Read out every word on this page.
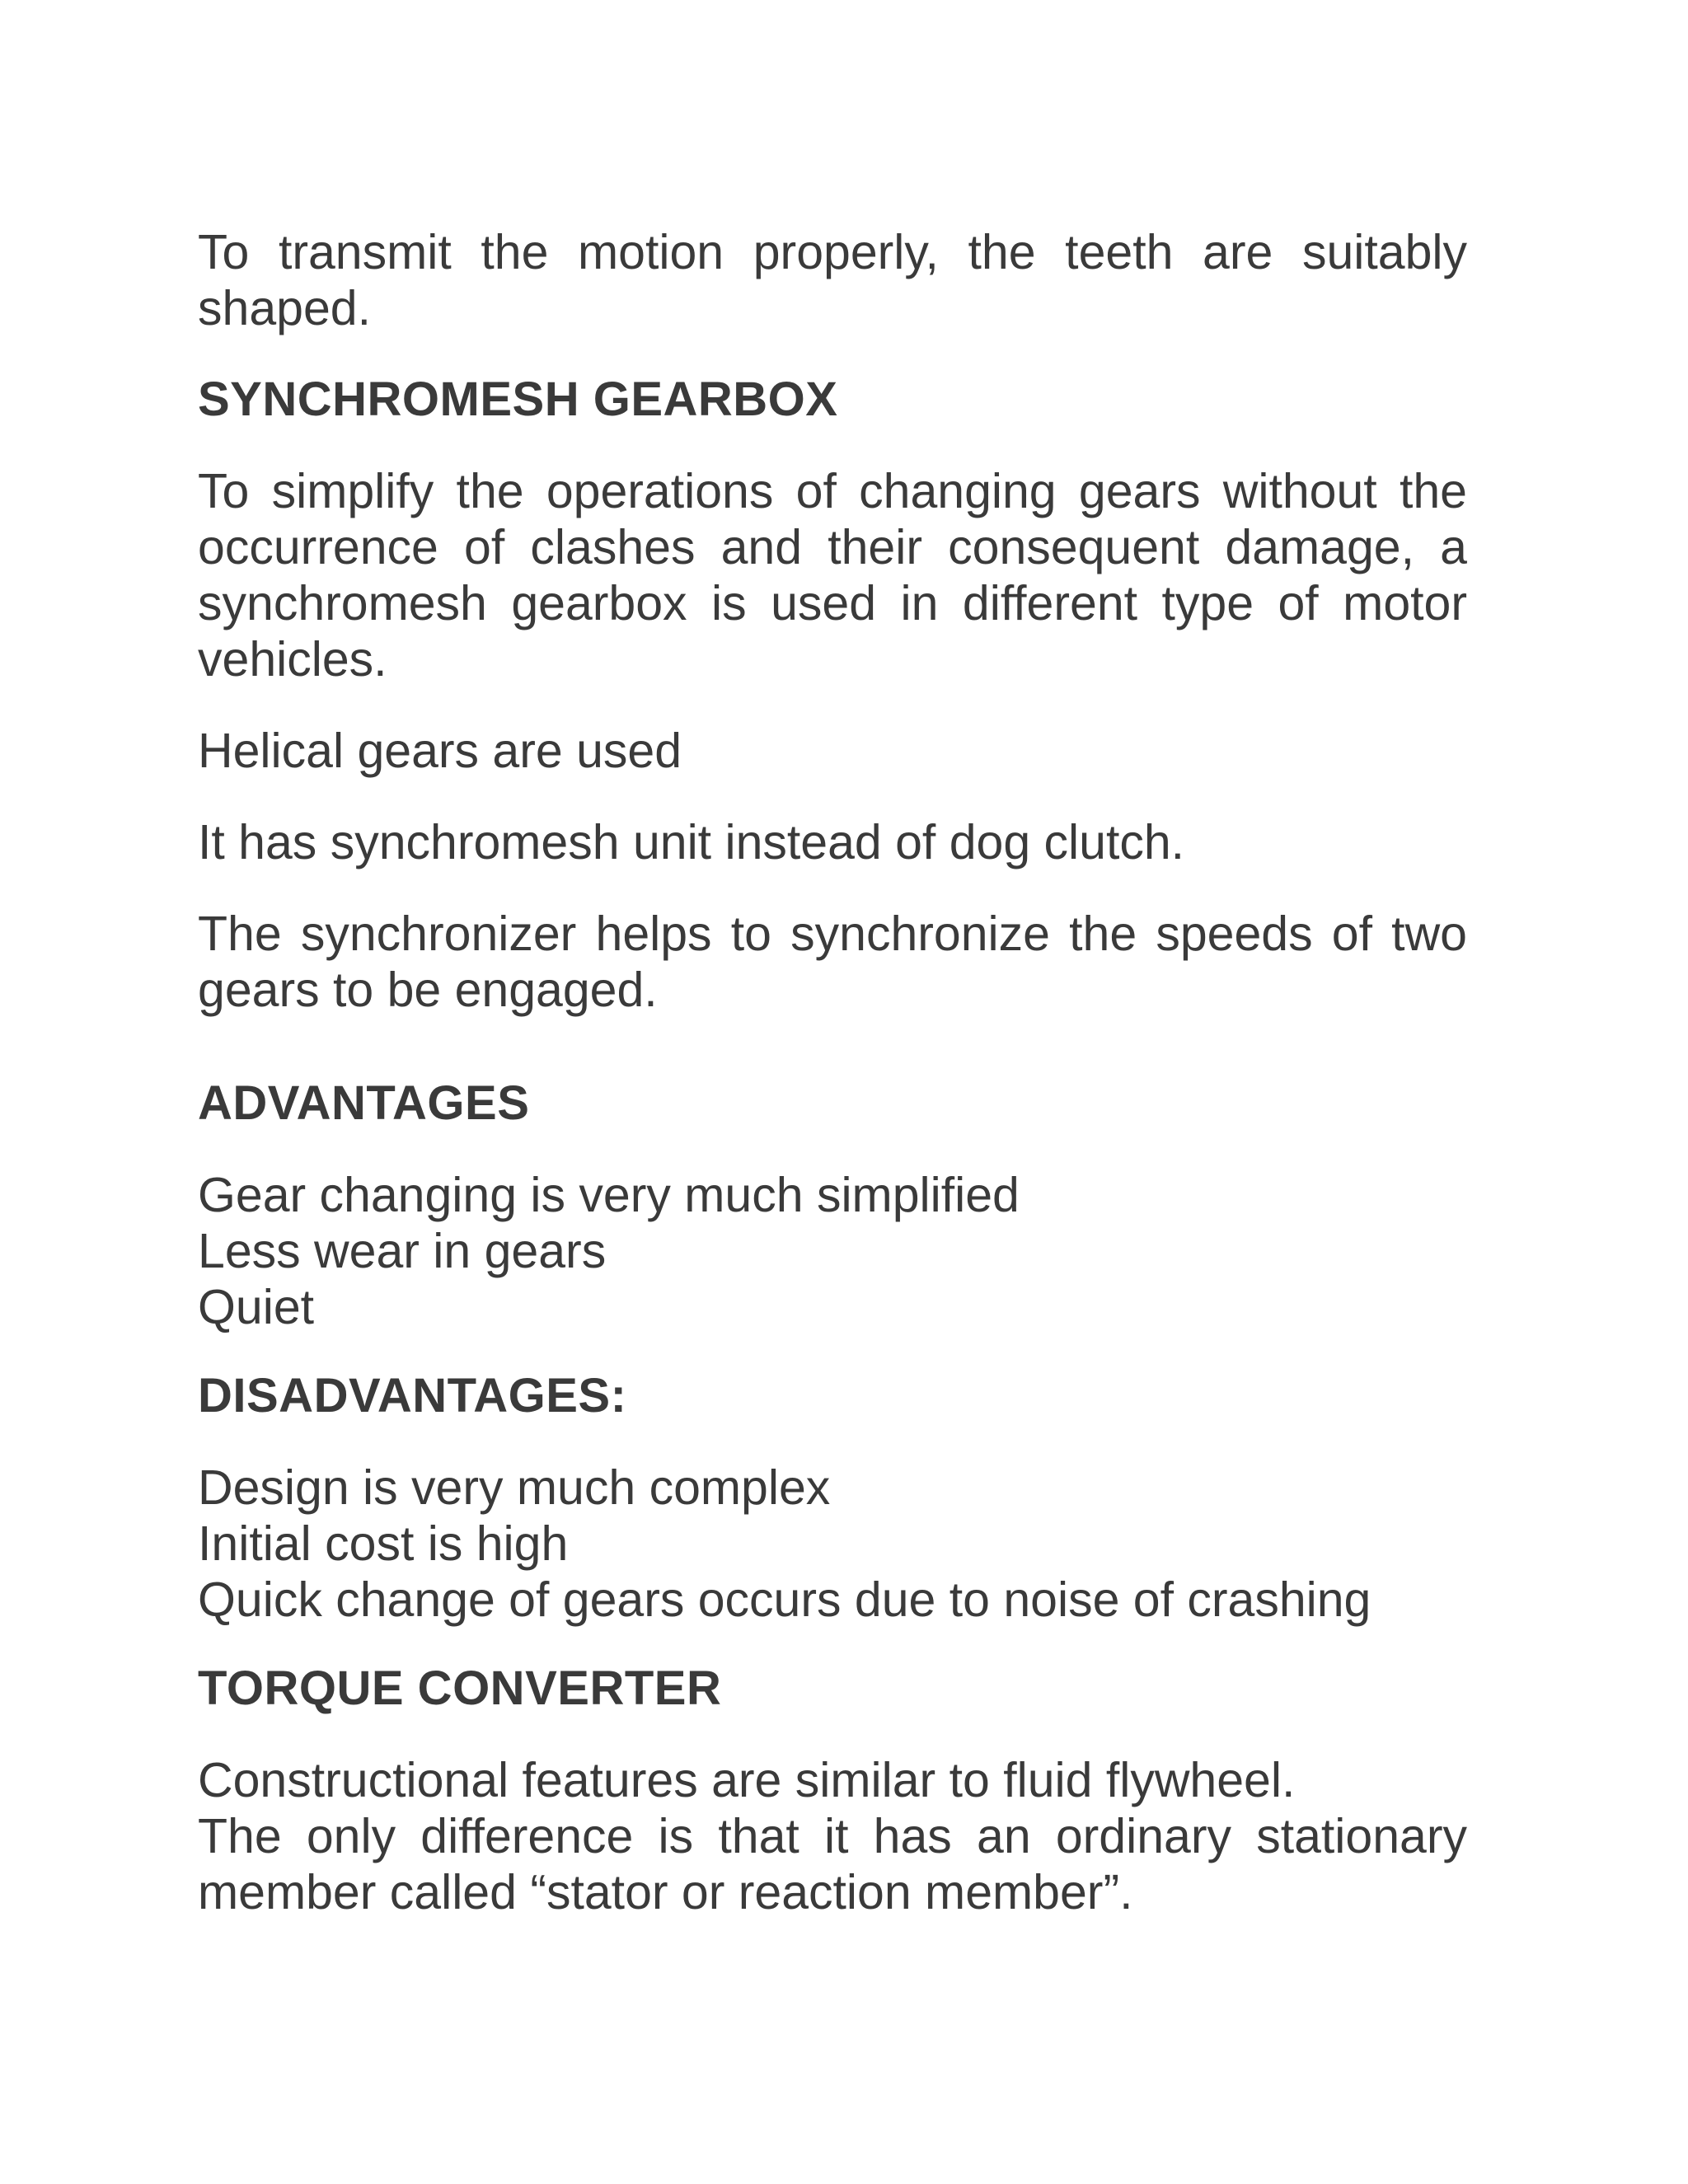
To transmit the motion properly, the teeth are suitably shaped.

SYNCHROMESH GEARBOX

To simplify the operations of changing gears without the occurrence of clashes and their consequent damage, a synchromesh gearbox is used in different type of motor vehicles.

Helical gears are used

It has synchromesh unit instead of dog clutch.

The synchronizer helps to synchronize the speeds of two gears to be engaged.

ADVANTAGES
Gear changing is very much simplified
Less wear in gears
Quiet
DISADVANTAGES:
Design is very much complex
Initial cost is high
Quick change of gears occurs due to noise of crashing
TORQUE CONVERTER

Constructional features are similar to fluid flywheel.

The only difference is that it has an ordinary stationary member called “stator or reaction member”.
